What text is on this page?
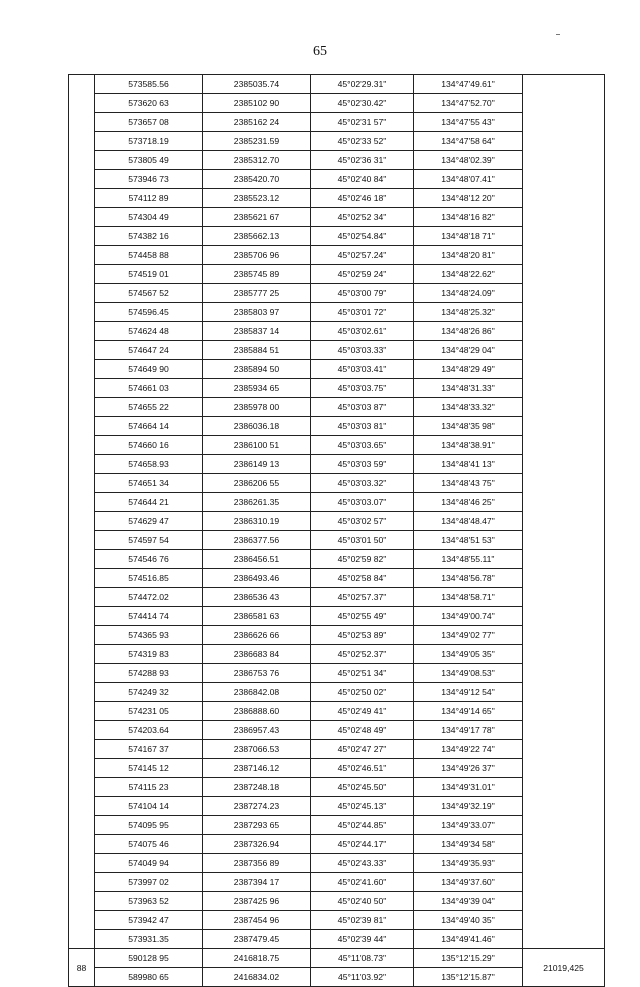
65
	573585.56	2385035.74	45°02'29.31"	134°47'49.61"	
	573620 63	2385102 90	45°02'30.42"	134°47'52.70"	
	573657 08	2385162 24	45°02'31 57"	134°47'55 43"	
	573718.19	2385231.59	45°02'33 52"	134°47'58 64"	
	573805 49	2385312.70	45°02'36 31"	134°48'02.39"	
	573946 73	2385420.70	45°02'40 84"	134°48'07.41"	
	574112 89	2385523.12	45°02'46 18"	134°48'12 20"	
	574304 49	2385621 67	45°02'52 34"	134°48'16 82"	
	574382 16	2385662.13	45°02'54.84"	134°48'18 71"	
	574458 88	2385706 96	45°02'57.24"	134°48'20 81"	
	574519 01	2385745 89	45°02'59 24"	134°48'22.62"	
	574567 52	2385777 25	45°03'00 79"	134°48'24.09"	
	574596.45	2385803 97	45°03'01 72"	134°48'25.32"	
	574624 48	2385837 14	45°03'02.61"	134°48'26 86"	
	574647 24	2385884 51	45°03'03.33"	134°48'29 04"	
	574649 90	2385894 50	45°03'03.41"	134°48'29 49"	
	574661 03	2385934 65	45°03'03.75"	134°48'31.33"	
	574655 22	2385978 00	45°03'03 87"	134°48'33.32"	
	574664 14	2386036.18	45°03'03 81"	134°48'35 98"	
	574660 16	2386100 51	45°03'03.65"	134°48'38.91"	
	574658.93	2386149 13	45°03'03 59"	134°48'41 13"	
	574651 34	2386206 55	45°03'03.32"	134°48'43 75"	
	574644 21	2386261.35	45°03'03.07"	134°48'46 25"	
	574629 47	2386310.19	45°03'02 57"	134°48'48.47"	
	574597 54	2386377.56	45°03'01 50"	134°48'51 53"	
	574546 76	2386456.51	45°02'59 82"	134°48'55.11"	
	574516.85	2386493.46	45°02'58 84"	134°48'56.78"	
	574472.02	2386536 43	45°02'57.37"	134°48'58.71"	
	574414 74	2386581 63	45°02'55 49"	134°49'00.74"	
	574365 93	2386626 66	45°02'53 89"	134°49'02 77"	
	574319 83	2386683 84	45°02'52.37"	134°49'05 35"	
	574288 93	2386753 76	45°02'51 34"	134°49'08.53"	
	574249 32	2386842.08	45°02'50 02"	134°49'12 54"	
	574231 05	2386888.60	45°02'49 41"	134°49'14 65"	
	574203.64	2386957.43	45°02'48 49"	134°49'17 78"	
	574167 37	2387066.53	45°02'47 27"	134°49'22 74"	
	574145 12	2387146.12	45°02'46.51"	134°49'26 37"	
	574115 23	2387248.18	45°02'45.50"	134°49'31.01"	
	574104 14	2387274.23	45°02'45.13"	134°49'32.19"	
	574095 95	2387293 65	45°02'44.85"	134°49'33.07"	
	574075 46	2387326.94	45°02'44.17"	134°49'34 58"	
	574049 94	2387356 89	45°02'43.33"	134°49'35.93"	
	573997 02	2387394 17	45°02'41.60"	134°49'37.60"	
	573963 52	2387425 96	45°02'40 50"	134°49'39 04"	
	573942 47	2387454 96	45°02'39 81"	134°49'40 35"	
	573931.35	2387479.45	45°02'39 44"	134°49'41.46"	
88	590128 95	2416818.75	45°11'08.73"	135°12'15.29"	21019,425
	589980 65	2416834.02	45°11'03.92"	135°12'15.87"	
